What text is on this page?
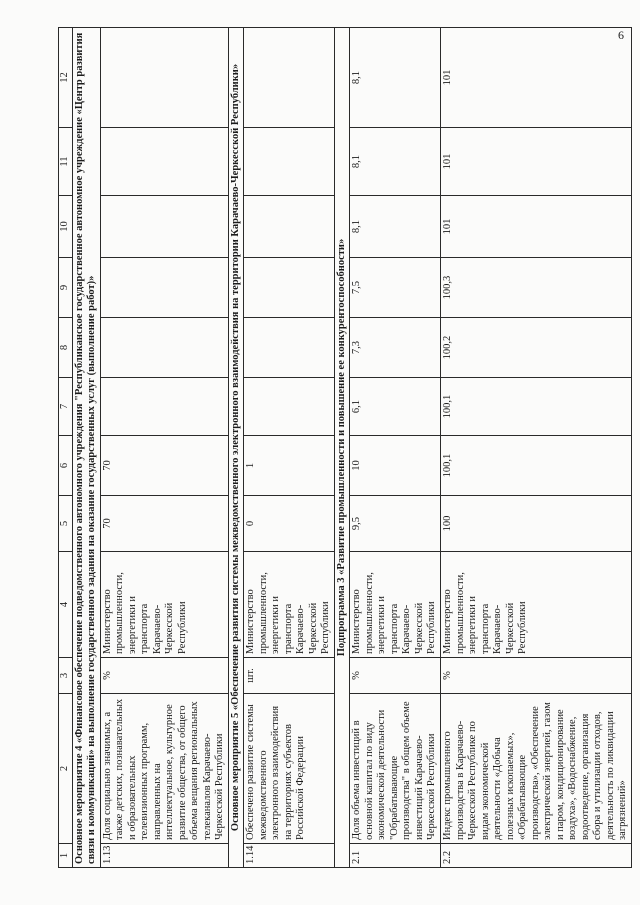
6
1	2	3	4	5	6	7	8	9	10	11	12
Основное мероприятие 4 «Финансовое обеспечение подведомственного автономного учреждения "Республиканское государственное автономное учреждение «Центр развития связи и коммуникаций» на выполнение государственного задания на оказание государственных услуг (выполнение работ)»											
1.13	Доля социально значимых, а также детских, познавательных и образовательных телевизионных программ, направленных на интеллектуальное, культурное развитие общества, от общего объема вещания региональных телеканалов Карачаево-Черкесской Республики	%	Министерство промышленности, энергетики и транспорта Карачаево-Черкесской Республики	70	70						
Основное мероприятие 5 «Обеспечение развития системы межведомственного электронного взаимодействия на территории Карачаево-Черкесской Республики»											
1.14	Обеспечено развитие системы межведомственного электронного взаимодействия на территориях субъектов Российской Федерации	шт.	Министерство промышленности, энергетики и транспорта Карачаево-Черкесской Республики	0	1						
Подпрограмма 3 «Развитие промышленности и повышение ее конкурентоспособности»											
2.1	Доля объема инвестиций в основной капитал по виду экономической деятельности "Обрабатывающие производства" в общем объеме инвестиций Карачаево-Черкесской Республики	%	Министерство промышленности, энергетики и транспорта Карачаево-Черкесской Республики	9,5	10	6,1	7,3	7,5	8,1	8,1	8,1
2.2	Индекс промышленного производства в Карачаево-Черкесской Республике по видам экономической деятельности «Добыча полезных ископаемых», «Обрабатывающие производства», «Обеспечение электрической энергией, газом и паром, кондиционирование воздуха», «Водоснабжение, водоотведение, организация сбора и утилизации отходов, деятельность по ликвидации загрязнений»	%	Министерство промышленности, энергетики и транспорта Карачаево-Черкесской Республики	100	100,1	100,1	100,2	100,3	101	101	101
